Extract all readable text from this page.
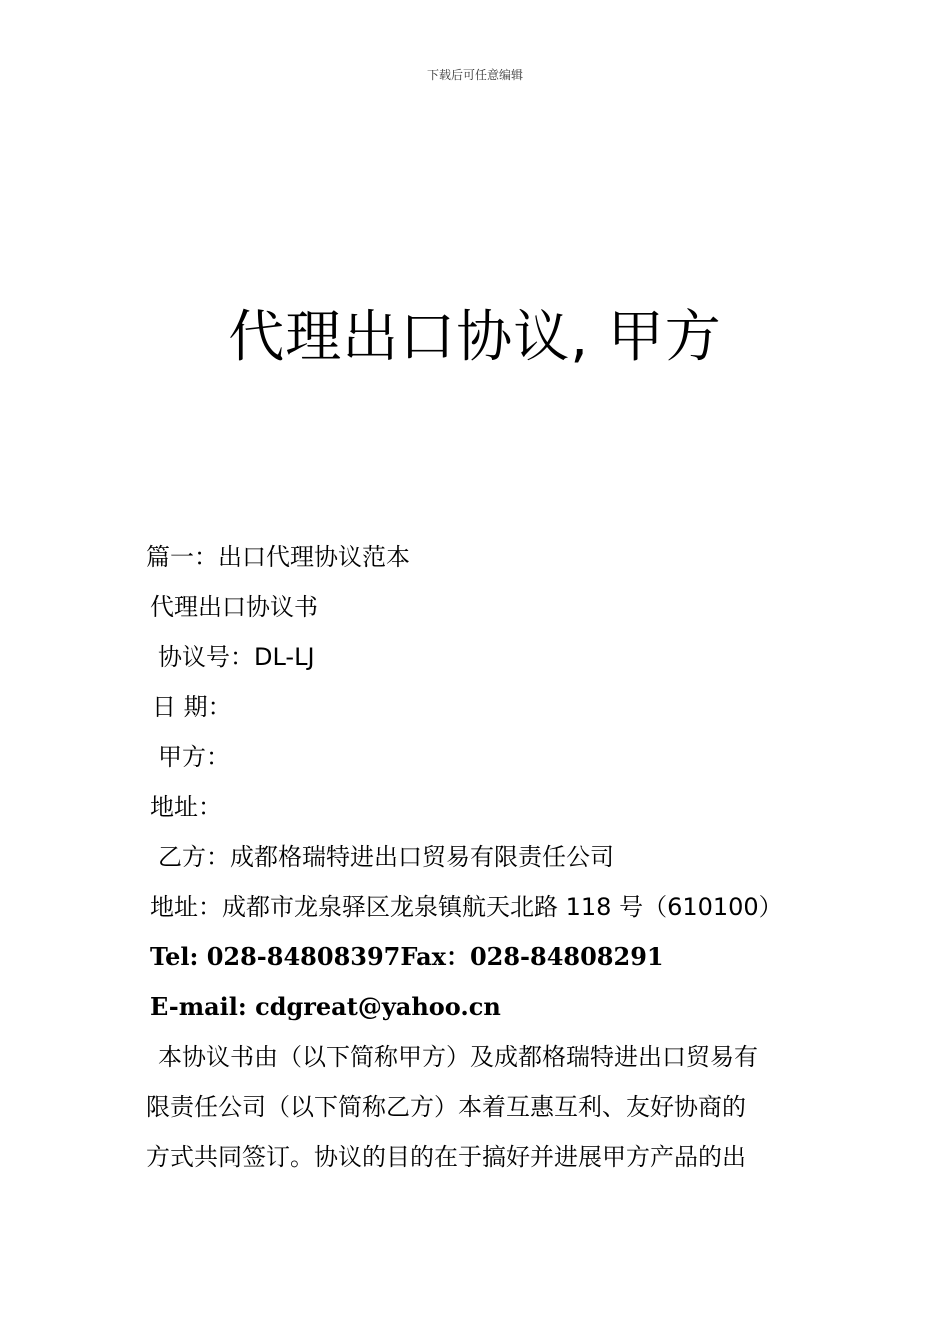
下载后可任意编辑
代理出口协议, 甲方
篇一：出口代理协议范本
代理出口协议书
协议号：DL-LJ
日 期：
甲方：
地址：
乙方：成都格瑞特进出口贸易有限责任公司
地址：成都市龙泉驿区龙泉镇航天北路 118 号（610100）
Tel: 028-84808397Fax：028-84808291
E-mail: cdgreat@yahoo.cn
本协议书由（以下简称甲方）及成都格瑞特进出口贸易有
限责任公司（以下简称乙方）本着互惠互利、友好协商的
方式共同签订。协议的目的在于搞好并进展甲方产品的出
